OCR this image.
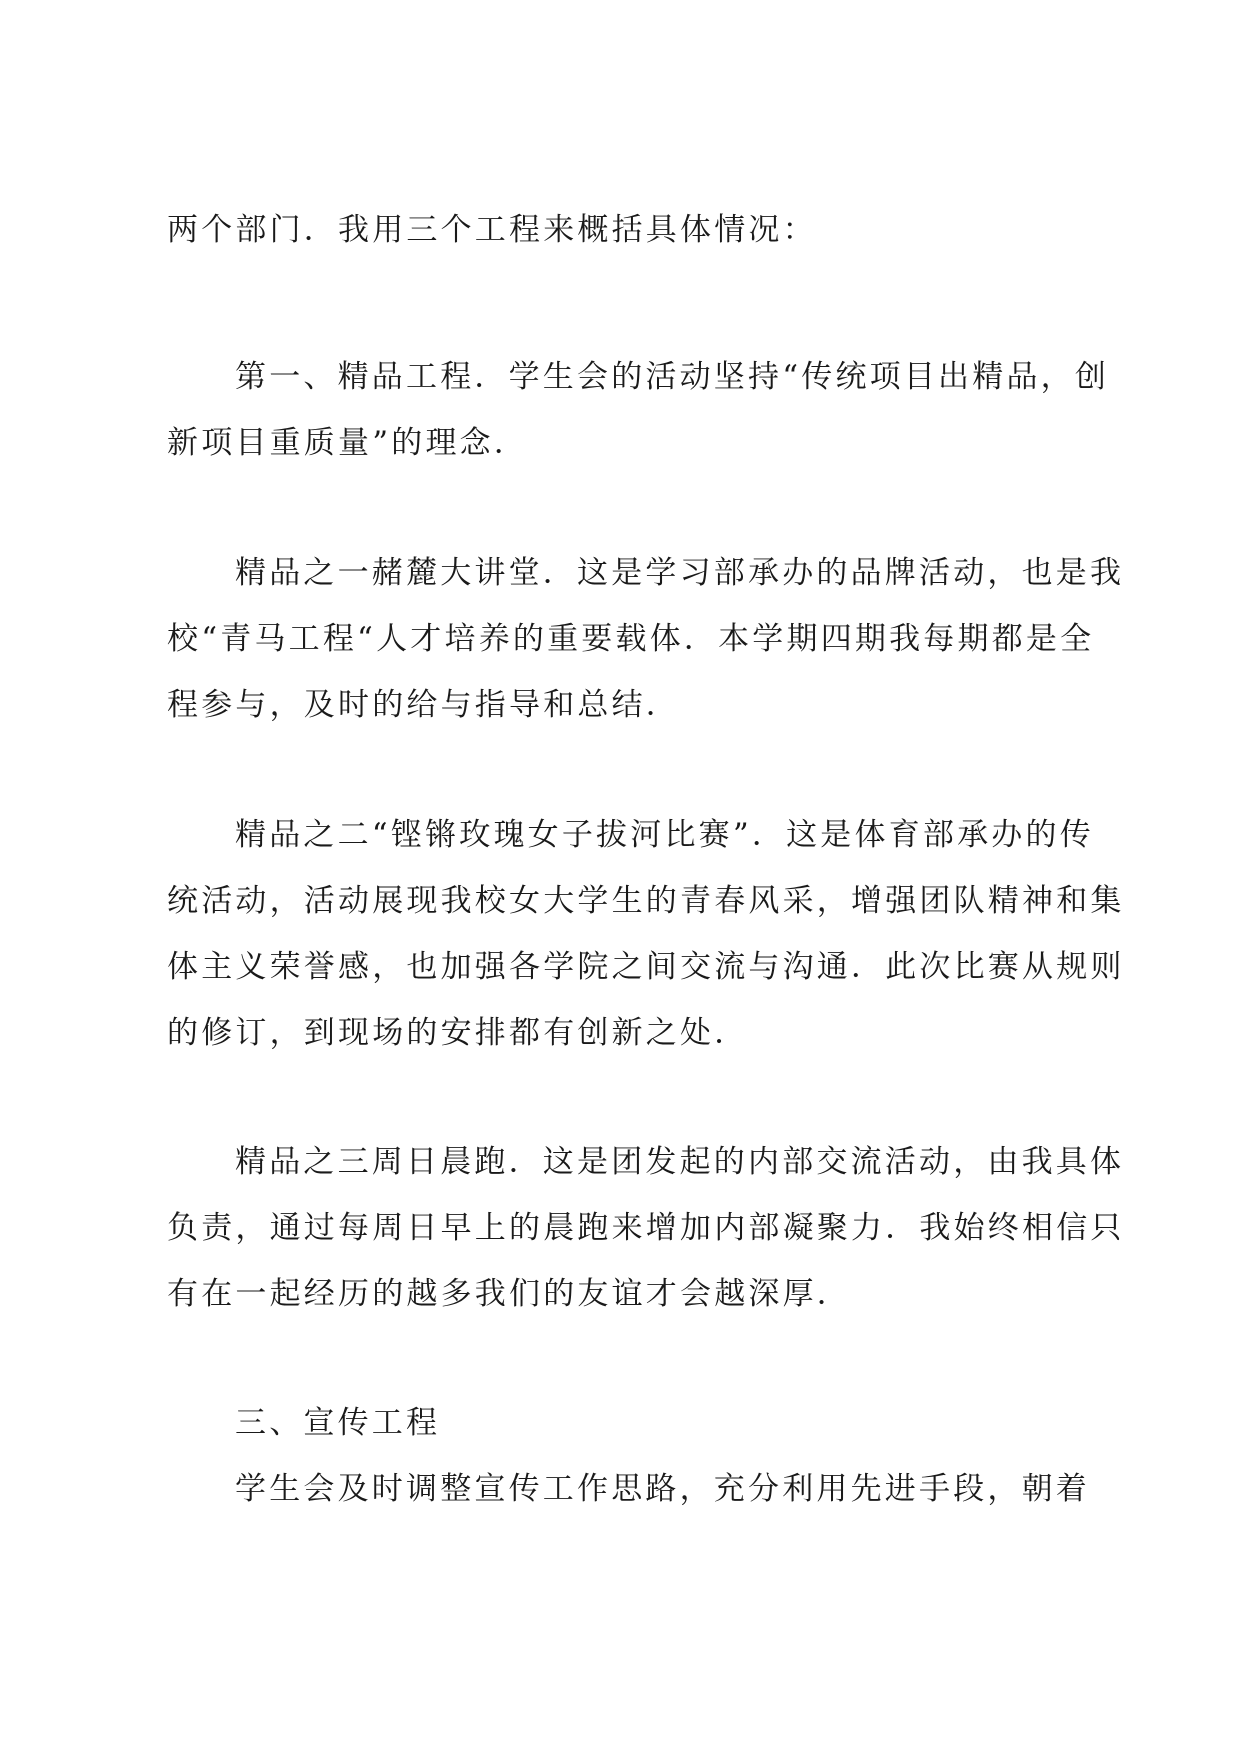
两个部门．我用三个工程来概括具体情况：

第一、精品工程．学生会的活动坚持“传统项目出精品，创
新项目重质量”的理念．

精品之一赭麓大讲堂．这是学习部承办的品牌活动，也是我
校“青马工程“人才培养的重要载体．本学期四期我每期都是全
程参与，及时的给与指导和总结．

精品之二“铿锵玫瑰女子拔河比赛”．这是体育部承办的传
统活动，活动展现我校女大学生的青春风采，增强团队精神和集
体主义荣誉感，也加强各学院之间交流与沟通．此次比赛从规则
的修订，到现场的安排都有创新之处．

精品之三周日晨跑．这是团发起的内部交流活动，由我具体
负责，通过每周日早上的晨跑来增加内部凝聚力．我始终相信只
有在一起经历的越多我们的友谊才会越深厚．

三、宣传工程

学生会及时调整宣传工作思路，充分利用先进手段，朝着
